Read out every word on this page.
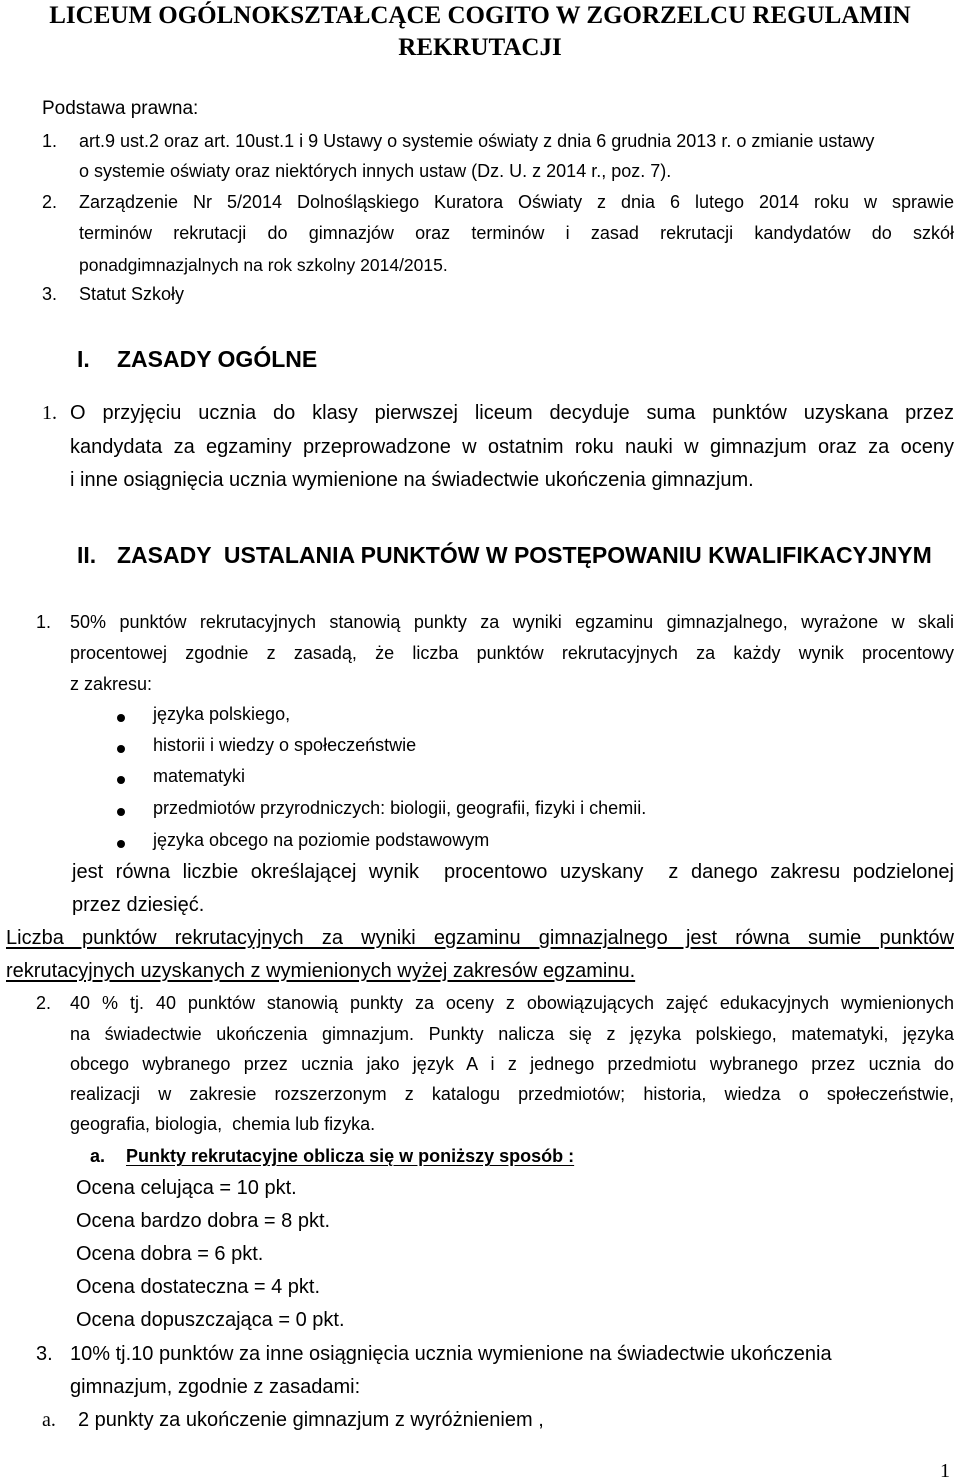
LICEUM OGÓLNOKSZTAŁCĄCE COGITO W ZGORZELCU REGULAMIN
REKRUTACJI
Podstawa prawna:
1. art.9 ust.2 oraz art. 10ust.1 i 9 Ustawy o systemie oświaty z dnia 6 grudnia 2013 r. o zmianie ustawy
o systemie oświaty oraz niektórych innych ustaw (Dz. U. z 2014 r., poz. 7).
2. Zarządzenie Nr 5/2014 Dolnośląskiego Kuratora Oświaty z dnia 6 lutego 2014 roku w sprawie
terminów rekrutacji do gimnazjów oraz terminów i zasad rekrutacji kandydatów do szkół
ponadgimnazjalnych na rok szkolny 2014/2015.
3. Statut Szkoły
I. ZASADY OGÓLNE
1. O przyjęciu ucznia do klasy pierwszej liceum decyduje suma punktów uzyskana przez
kandydata za egzaminy przeprowadzone w ostatnim roku nauki w gimnazjum oraz za oceny
i inne osiągnięcia ucznia wymienione na świadectwie ukończenia gimnazjum.
II. ZASADY  USTALANIA PUNKTÓW W POSTĘPOWANIU KWALIFIKACYJNYM
1. 50% punktów rekrutacyjnych stanowią punkty za wyniki egzaminu gimnazjalnego, wyrażone w skali
procentowej zgodnie z zasadą, że liczba punktów rekrutacyjnych za każdy wynik procentowy
z zakresu:
języka polskiego,
historii i wiedzy o społeczeństwie
matematyki
przedmiotów przyrodniczych: biologii, geografii, fizyki i chemii.
języka obcego na poziomie podstawowym
jest równa liczbie określającej wynik  procentowo uzyskany  z danego zakresu podzielonej
przez dziesięć.
Liczba punktów rekrutacyjnych za wyniki egzaminu gimnazjalnego jest równa sumie punktów
rekrutacyjnych uzyskanych z wymienionych wyżej zakresów egzaminu.
2. 40 % tj. 40 punktów stanowią punkty za oceny z obowiązujących zajęć edukacyjnych wymienionych
na świadectwie ukończenia gimnazjum. Punkty nalicza się z języka polskiego, matematyki, języka
obcego wybranego przez ucznia jako język A i z jednego przedmiotu wybranego przez ucznia do
realizacji w zakresie rozszerzonym z katalogu przedmiotów; historia, wiedza o społeczeństwie,
geografia, biologia,  chemia lub fizyka.
a. Punkty rekrutacyjne oblicza się w poniższy sposób :
Ocena celująca = 10 pkt.
Ocena bardzo dobra = 8 pkt.
Ocena dobra = 6 pkt.
Ocena dostateczna = 4 pkt.
Ocena dopuszczająca = 0 pkt.
3. 10% tj.10 punktów za inne osiągnięcia ucznia wymienione na świadectwie ukończenia
gimnazjum, zgodnie z zasadami:
a. 2 punkty za ukończenie gimnazjum z wyróżnieniem ,
1
